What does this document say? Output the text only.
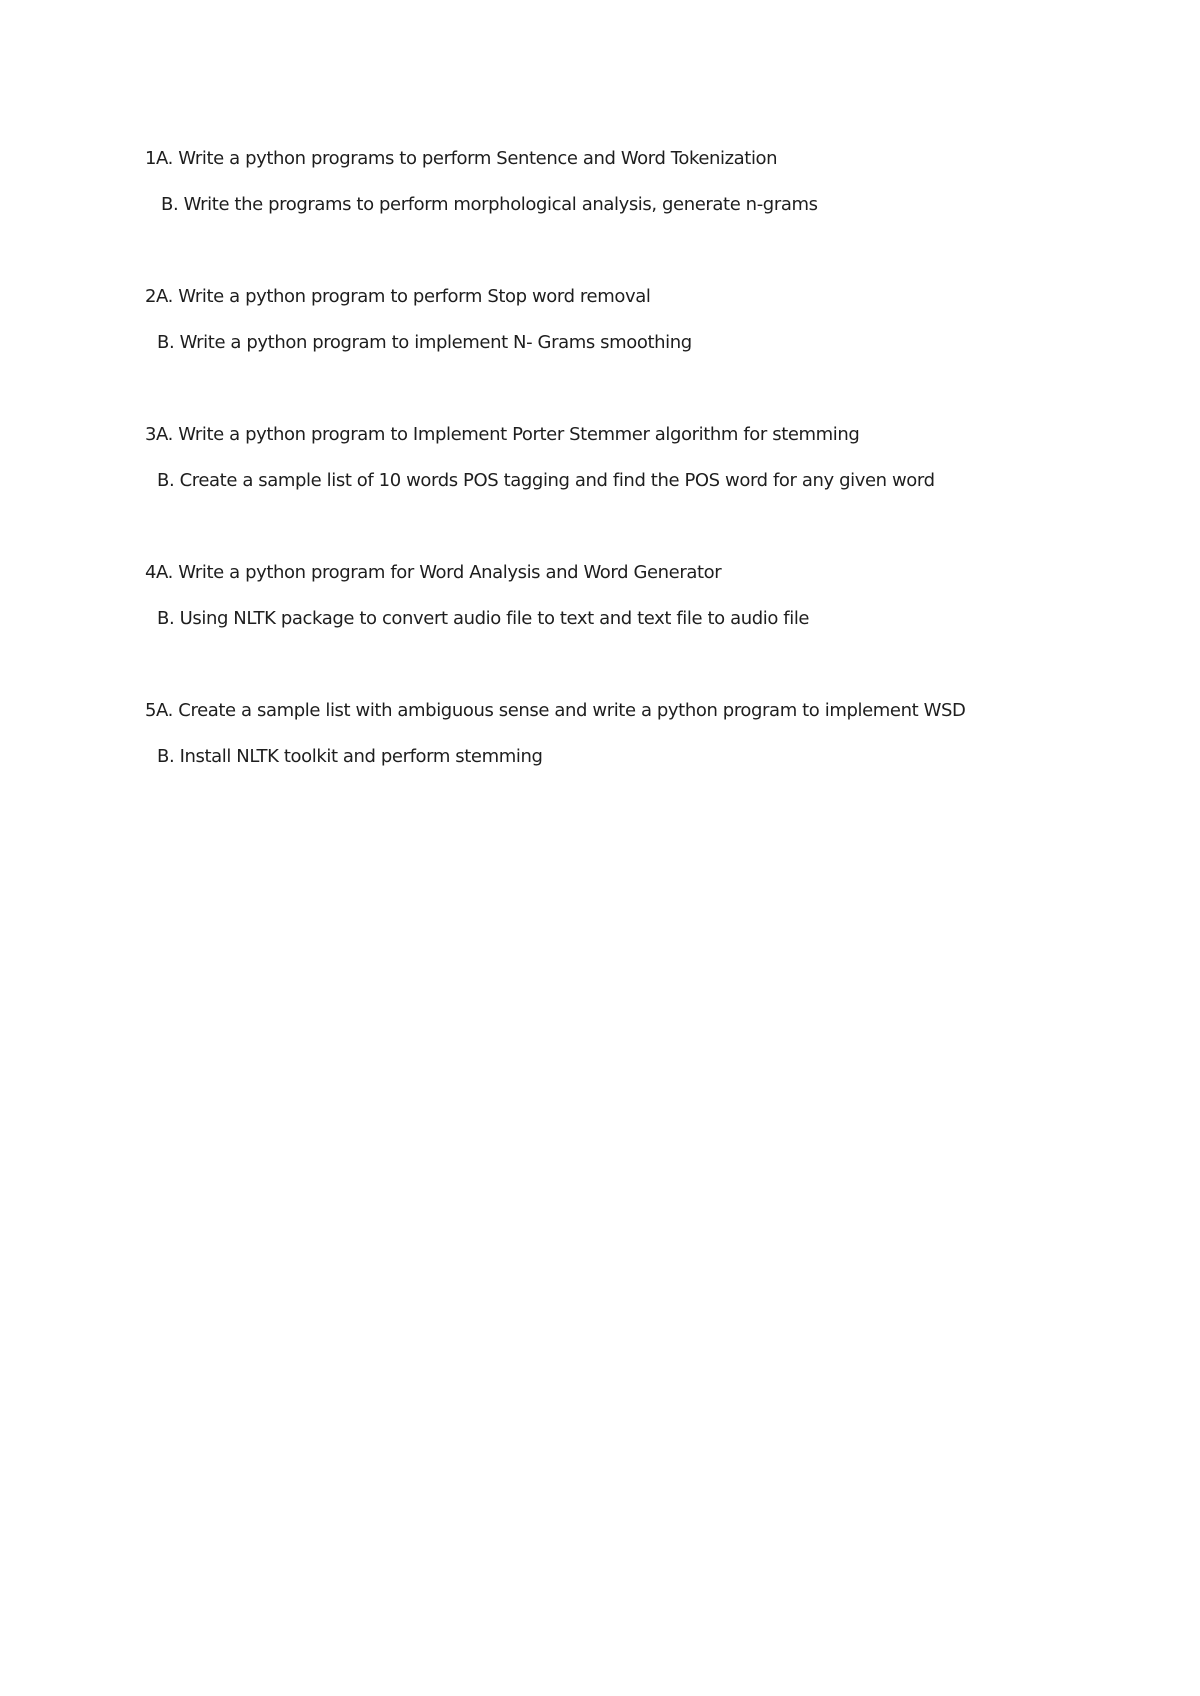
1A. Write a python programs to perform Sentence and Word Tokenization

B. Write the programs to perform morphological analysis, generate n-grams

2A. Write a python program to perform Stop word removal

B. Write a python program to implement N- Grams smoothing

3A. Write a python program to Implement Porter Stemmer algorithm for stemming

B. Create a sample list of 10 words POS tagging and find the POS word for any given word

4A. Write a python program for Word Analysis and Word Generator

B. Using NLTK package to convert audio file to text and text file to audio file

5A. Create a sample list with ambiguous sense and write a python program to implement WSD

B. Install NLTK toolkit and perform stemming
